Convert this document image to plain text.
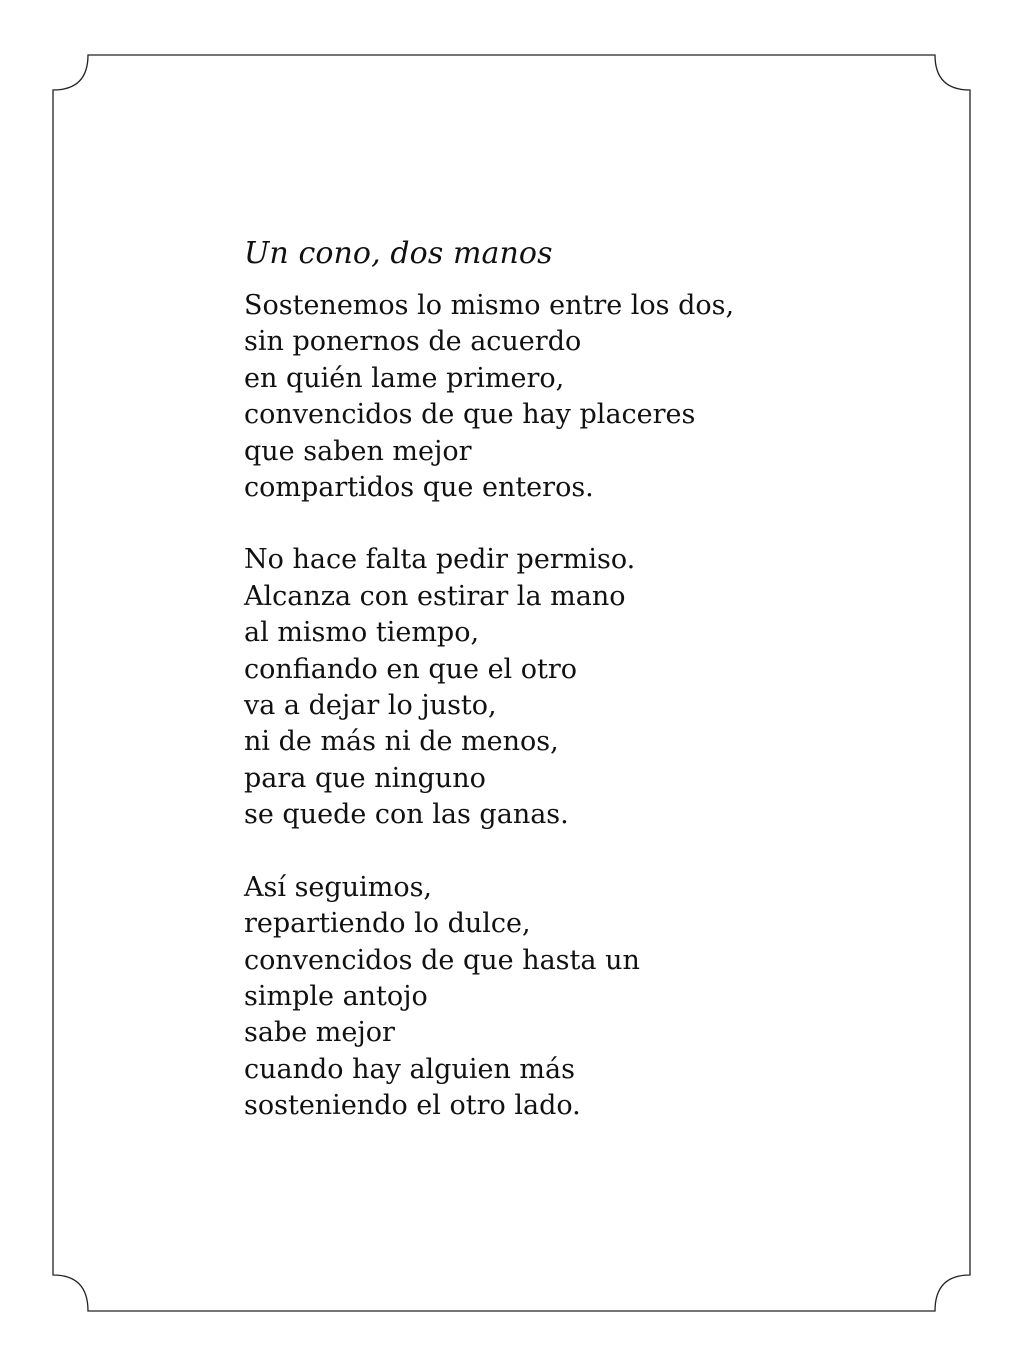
Un cono, dos manos
Sostenemos lo mismo entre los dos,
sin ponernos de acuerdo
en quién lame primero,
convencidos de que hay placeres
que saben mejor
compartidos que enteros.
No hace falta pedir permiso.
Alcanza con estirar la mano
al mismo tiempo,
confiando en que el otro
va a dejar lo justo,
ni de más ni de menos,
para que ninguno
se quede con las ganas.
Así seguimos,
repartiendo lo dulce,
convencidos de que hasta un
simple antojo
sabe mejor
cuando hay alguien más
sosteniendo el otro lado.
